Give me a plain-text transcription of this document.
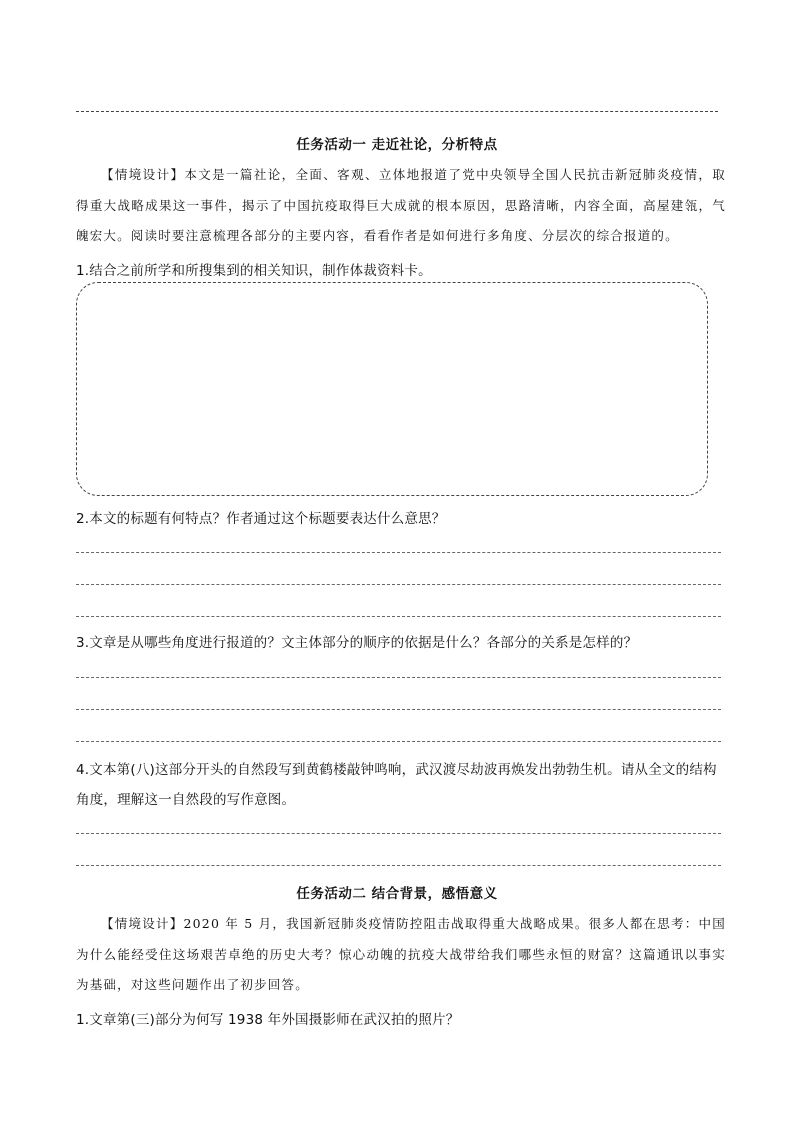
任务活动一 走近社论，分析特点
【情境设计】本文是一篇社论，全面、客观、立体地报道了党中央领导全国人民抗击新冠肺炎疫情，取得重大战略成果这一事件，揭示了中国抗疫取得巨大成就的根本原因，思路清晰，内容全面，高屋建瓴，气魄宏大。阅读时要注意梳理各部分的主要内容，看看作者是如何进行多角度、分层次的综合报道的。
1.结合之前所学和所搜集到的相关知识，制作体裁资料卡。
2.本文的标题有何特点？作者通过这个标题要表达什么意思？
3.文章是从哪些角度进行报道的？文主体部分的顺序的依据是什么？各部分的关系是怎样的？
4.文本第(八)这部分开头的自然段写到黄鹤楼敲钟鸣响，武汉渡尽劫波再焕发出勃勃生机。请从全文的结构角度，理解这一自然段的写作意图。
任务活动二 结合背景，感悟意义
【情境设计】2020 年 5 月，我国新冠肺炎疫情防控阻击战取得重大战略成果。很多人都在思考：中国为什么能经受住这场艰苦卓绝的历史大考？惊心动魄的抗疫大战带给我们哪些永恒的财富？这篇通讯以事实为基础，对这些问题作出了初步回答。
1.文章第(三)部分为何写 1938 年外国摄影师在武汉拍的照片？
